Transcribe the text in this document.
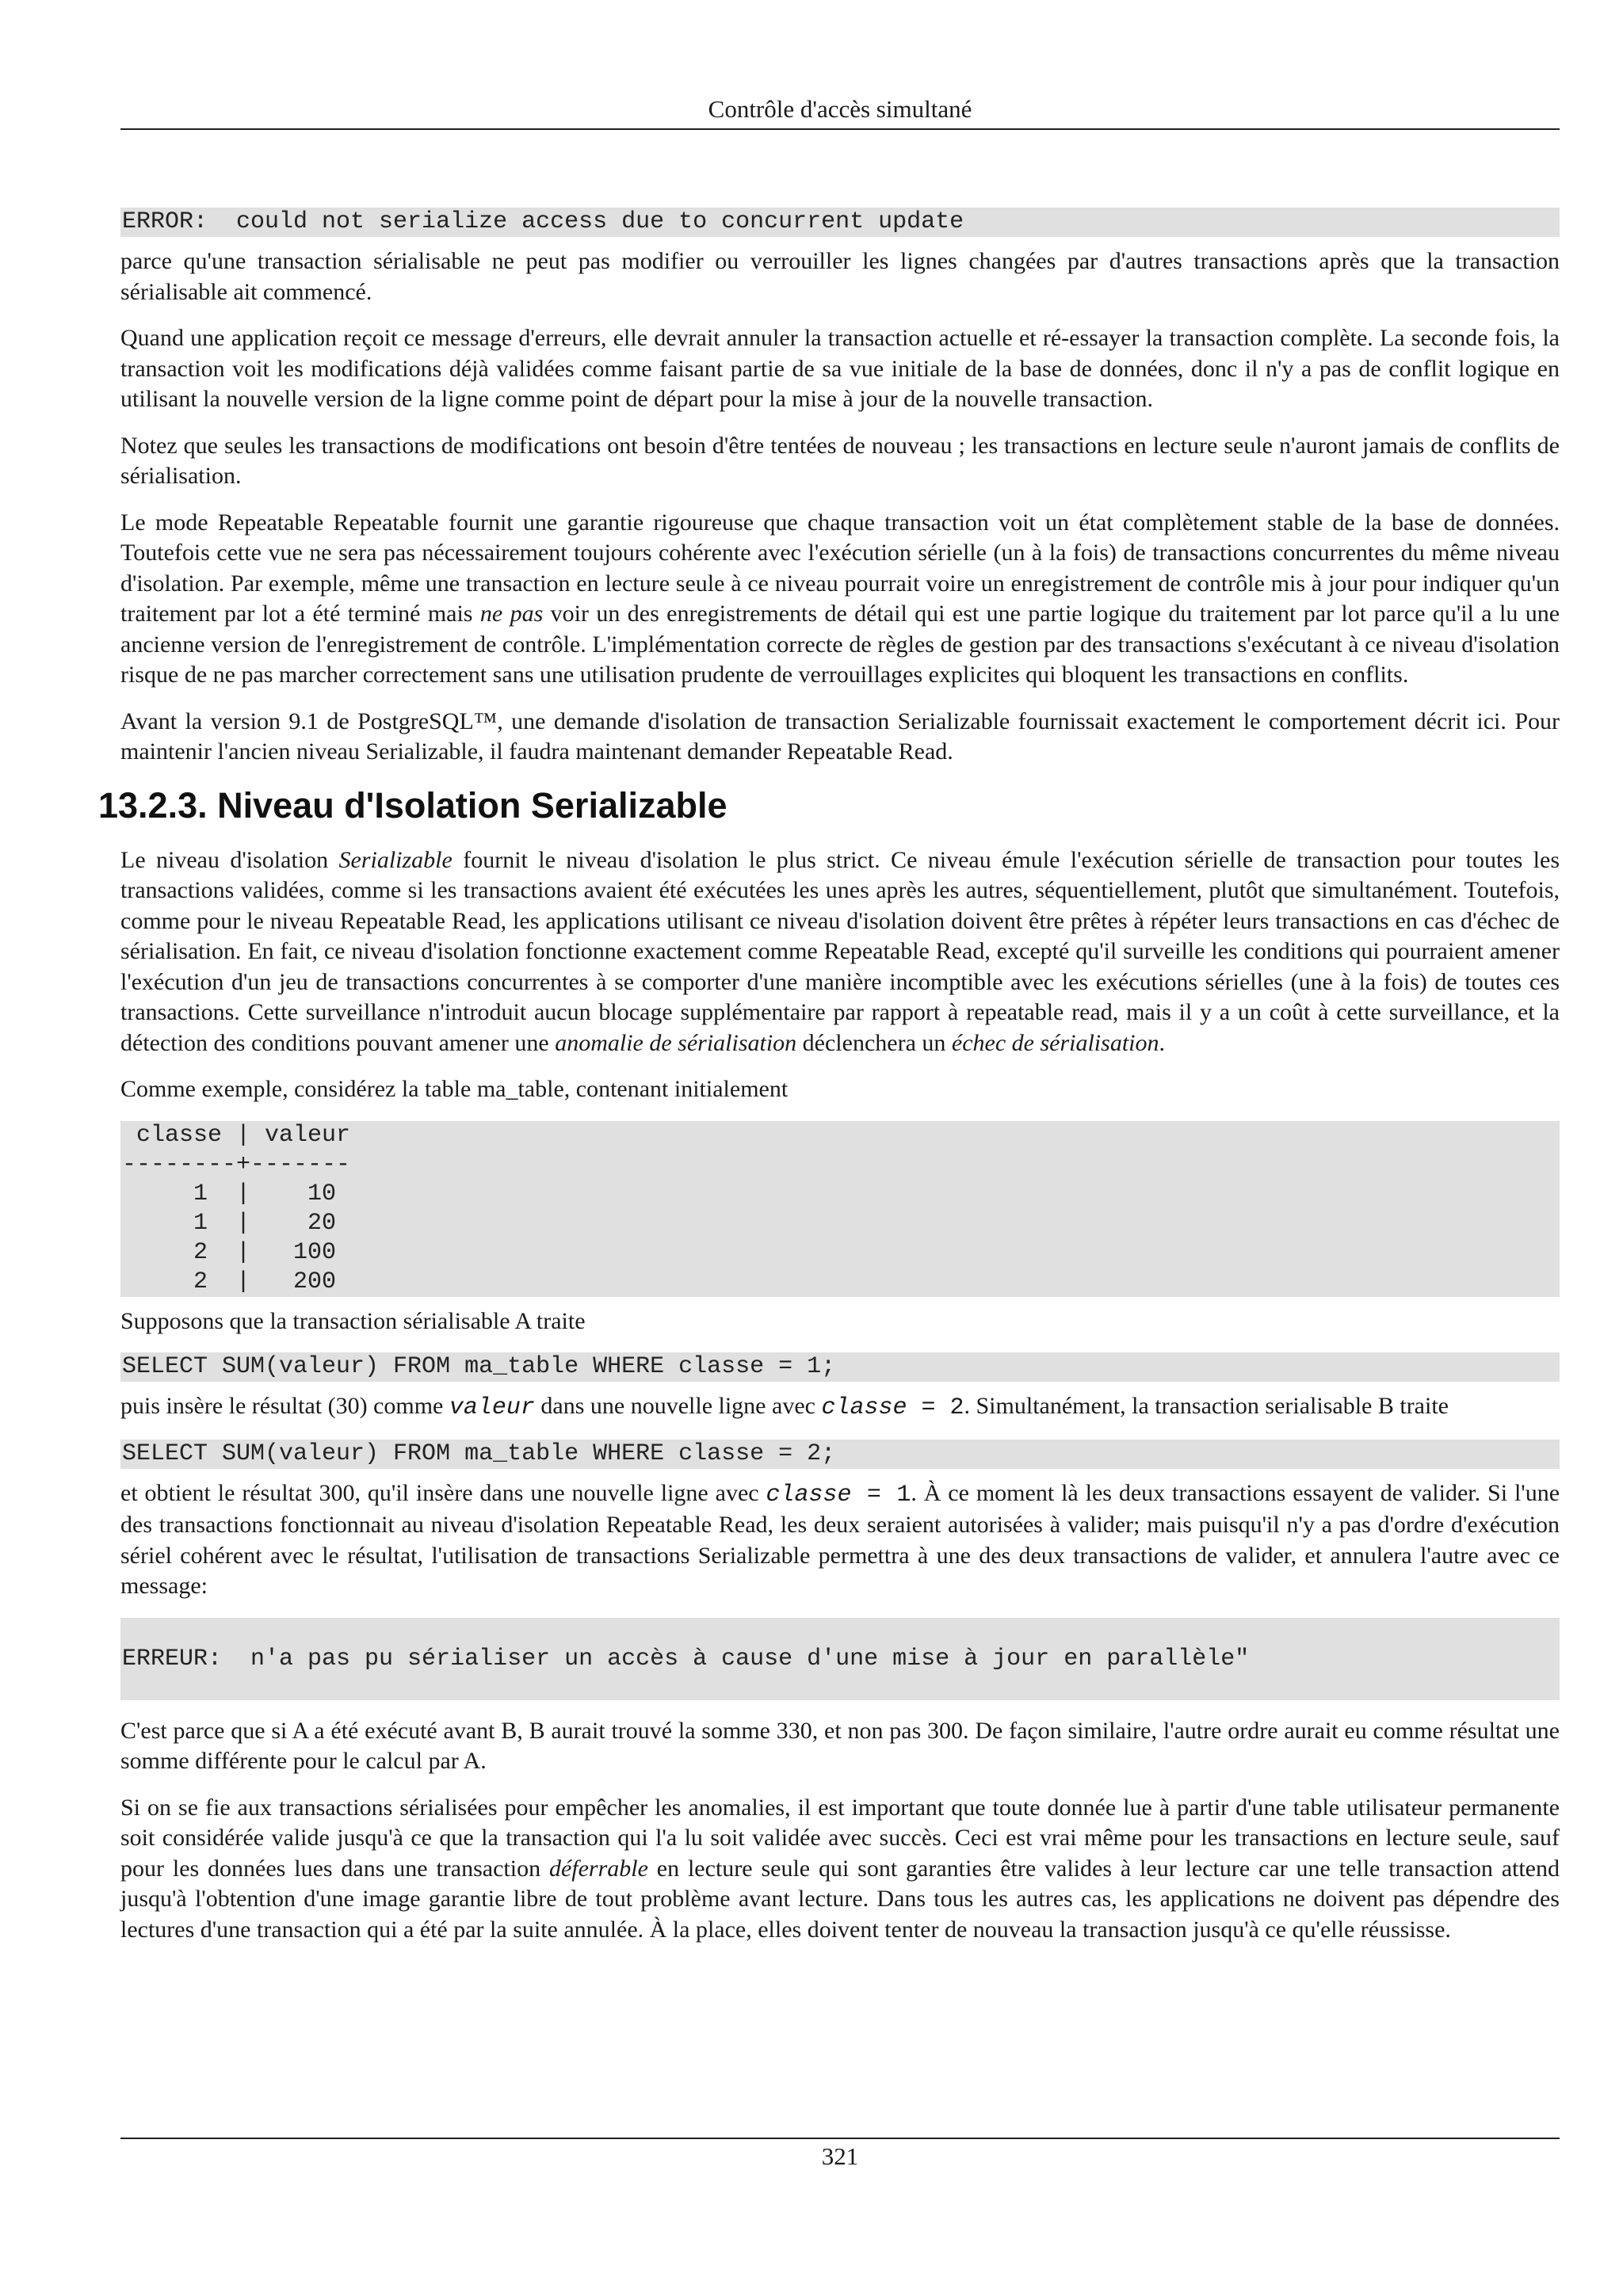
Contrôle d'accès simultané
ERROR:  could not serialize access due to concurrent update

parce qu'une transaction sérialisable ne peut pas modifier ou verrouiller les lignes changées par d'autres transactions après que la transaction sérialisable ait commencé.

Quand une application reçoit ce message d'erreurs, elle devrait annuler la transaction actuelle et ré-essayer la transaction complète. La seconde fois, la transaction voit les modifications déjà validées comme faisant partie de sa vue initiale de la base de données, donc il n'y a pas de conflit logique en utilisant la nouvelle version de la ligne comme point de départ pour la mise à jour de la nouvelle transaction.

Notez que seules les transactions de modifications ont besoin d'être tentées de nouveau ; les transactions en lecture seule n'auront jamais de conflits de sérialisation.

Le mode Repeatable Repeatable fournit une garantie rigoureuse que chaque transaction voit un état complètement stable de la base de données. Toutefois cette vue ne sera pas nécessairement toujours cohérente avec l'exécution sérielle (un à la fois) de transactions concurrentes du même niveau d'isolation. Par exemple, même une transaction en lecture seule à ce niveau pourrait voire un enregistrement de contrôle mis à jour pour indiquer qu'un traitement par lot a été terminé mais ne pas voir un des enregistrements de détail qui est une partie logique du traitement par lot parce qu'il a lu une ancienne version de l'enregistrement de contrôle. L'implémentation correcte de règles de gestion par des transactions s'exécutant à ce niveau d'isolation risque de ne pas marcher correctement sans une utilisation prudente de verrouillages explicites qui bloquent les transactions en conflits.

Avant la version 9.1 de PostgreSQL™, une demande d'isolation de transaction Serializable fournissait exactement le comportement décrit ici. Pour maintenir l'ancien niveau Serializable, il faudra maintenant demander Repeatable Read.

13.2.3. Niveau d'Isolation Serializable

Le niveau d'isolation Serializable fournit le niveau d'isolation le plus strict. Ce niveau émule l'exécution sérielle de transaction pour toutes les transactions validées, comme si les transactions avaient été exécutées les unes après les autres, séquentiellement, plutôt que simultanément. Toutefois, comme pour le niveau Repeatable Read, les applications utilisant ce niveau d'isolation doivent être prêtes à répéter leurs transactions en cas d'échec de sérialisation. En fait, ce niveau d'isolation fonctionne exactement comme Repeatable Read, excepté qu'il surveille les conditions qui pourraient amener l'exécution d'un jeu de transactions concurrentes à se comporter d'une manière incomptible avec les exécutions sérielles (une à la fois) de toutes ces transactions. Cette surveillance n'introduit aucun blocage supplémentaire par rapport à repeatable read, mais il y a un coût à cette surveillance, et la détection des conditions pouvant amener une anomalie de sérialisation déclenchera un échec de sérialisation.

Comme exemple, considérez la table ma_table, contenant initialement

classe | valeur
--------+-------
1  |    10
1  |    20
2  |   100
2  |   200

Supposons que la transaction sérialisable A traite

SELECT SUM(valeur) FROM ma_table WHERE classe = 1;

puis insère le résultat (30) comme valeur dans une nouvelle ligne avec classe = 2. Simultanément, la transaction serialisable B traite

SELECT SUM(valeur) FROM ma_table WHERE classe = 2;

et obtient le résultat 300, qu'il insère dans une nouvelle ligne avec classe = 1. À ce moment là les deux transactions essayent de valider. Si l'une des transactions fonctionnait au niveau d'isolation Repeatable Read, les deux seraient autorisées à valider; mais puisqu'il n'y a pas d'ordre d'exécution sériel cohérent avec le résultat, l'utilisation de transactions Serializable permettra à une des deux transactions de valider, et annulera l'autre avec ce message:

ERREUR:  n'a pas pu sérialiser un accès à cause d'une mise à jour en parallèle"

C'est parce que si A a été exécuté avant B, B aurait trouvé la somme 330, et non pas 300. De façon similaire, l'autre ordre aurait eu comme résultat une somme différente pour le calcul par A.

Si on se fie aux transactions sérialisées pour empêcher les anomalies, il est important que toute donnée lue à partir d'une table utilisateur permanente soit considérée valide jusqu'à ce que la transaction qui l'a lu soit validée avec succès. Ceci est vrai même pour les transactions en lecture seule, sauf pour les données lues dans une transaction déferrable en lecture seule qui sont garanties être valides à leur lecture car une telle transaction attend jusqu'à l'obtention d'une image garantie libre de tout problème avant lecture. Dans tous les autres cas, les applications ne doivent pas dépendre des lectures d'une transaction qui a été par la suite annulée. À la place, elles doivent tenter de nouveau la transaction jusqu'à ce qu'elle réussisse.

321
